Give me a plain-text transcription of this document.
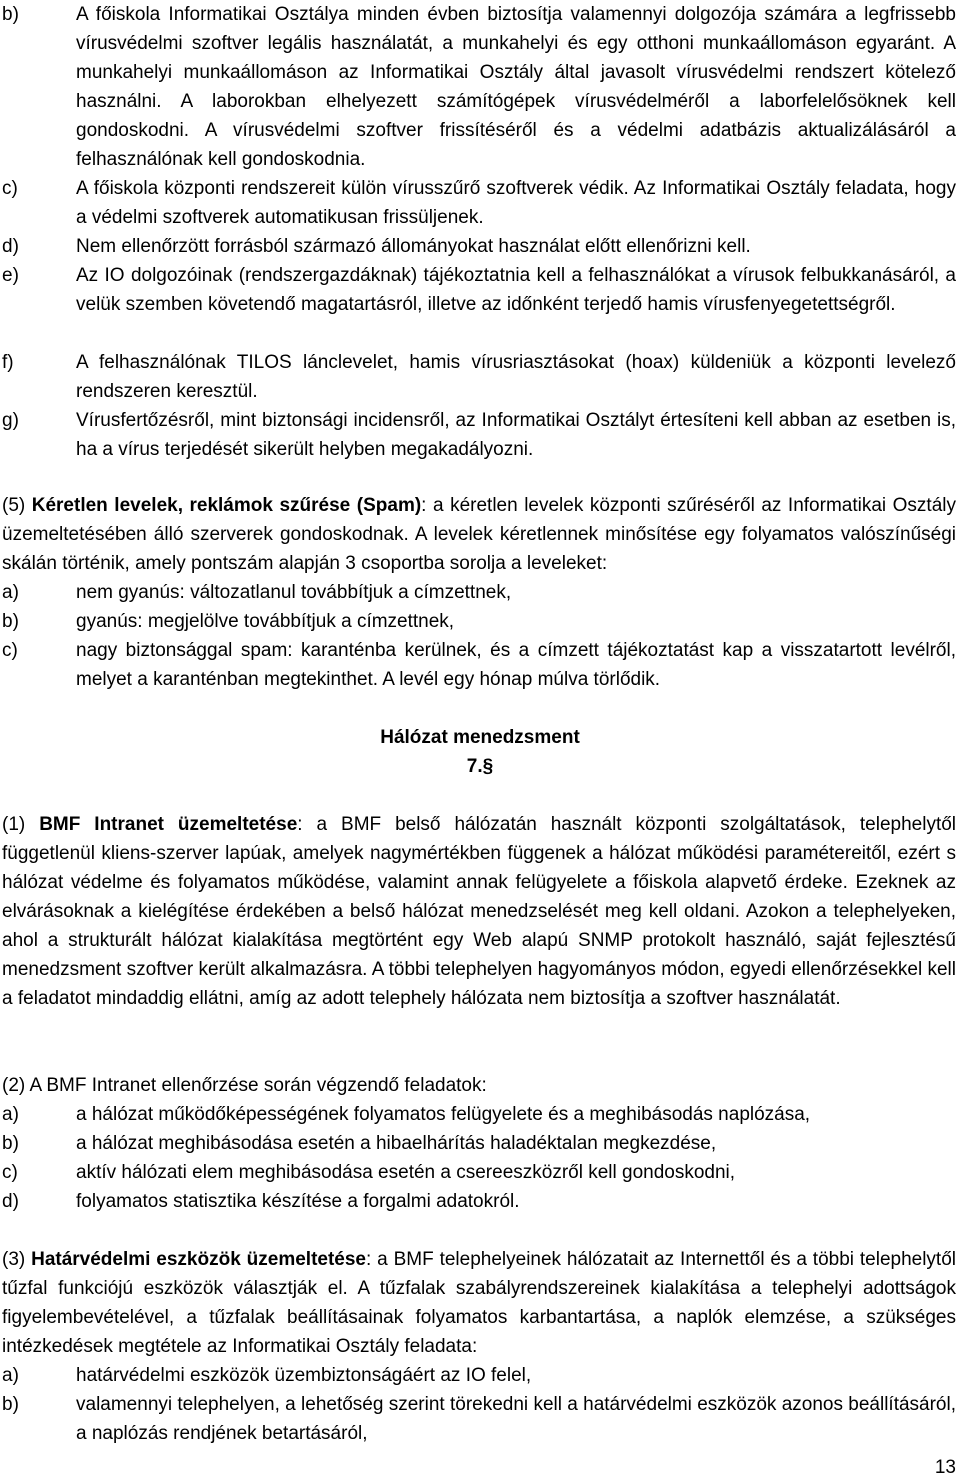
b)	A főiskola Informatikai Osztálya minden évben biztosítja valamennyi dolgozója számára a legfrissebb vírusvédelmi szoftver legális használatát, a munkahelyi és egy otthoni munkaállomáson egyaránt. A munkahelyi munkaállomáson az Informatikai Osztály által javasolt vírusvédelmi rendszert kötelező használni. A laborokban elhelyezett számítógépek vírusvédelméről a laborfelelősöknek kell gondoskodni. A vírusvédelmi szoftver frissítéséről és a védelmi adatbázis aktualizálásáról a felhasználónak kell gondoskodnia.
c)	A főiskola központi rendszereit külön vírusszűrő szoftverek védik. Az Informatikai Osztály feladata, hogy a védelmi szoftverek automatikusan frissüljenek.
d)	Nem ellenőrzött forrásból származó állományokat használat előtt ellenőrizni kell.
e)	Az IO dolgozóinak (rendszergazdáknak) tájékoztatnia kell a felhasználókat a vírusok felbukkanásáról, a velük szemben követendő magatartásról, illetve az időnként terjedő hamis vírusfenyegetettségről.
f)	A felhasználónak TILOS lánclevelet, hamis vírusriasztásokat (hoax) küldeniük a központi levelező rendszeren keresztül.
g)	Vírusfertőzésről, mint biztonsági incidensről, az Informatikai Osztályt értesíteni kell abban az esetben is, ha a vírus terjedését sikerült helyben megakadályozni.
(5) Kéretlen levelek, reklámok szűrése (Spam): a kéretlen levelek központi szűréséről az Informatikai Osztály üzemeltetésében álló szerverek gondoskodnak. A levelek kéretlennek minősítése egy folyamatos valószínűségi skálán történik, amely pontszám alapján 3 csoportba sorolja a leveleket:
a)	nem gyanús: változatlanul továbbítjuk a címzettnek,
b)	gyanús: megjelölve továbbítjuk a címzettnek,
c)	nagy biztonsággal spam: karanténba kerülnek, és a címzett tájékoztatást kap a visszatartott levélről, melyet a karanténban megtekinthet. A levél egy hónap múlva törlődik.
Hálózat menedzsment
7.§
(1) BMF Intranet üzemeltetése: a BMF belső hálózatán használt központi szolgáltatások, telephelytől függetlenül kliens-szerver lapúak, amelyek nagymértékben függenek a hálózat működési paramétereitől, ezért s hálózat védelme és folyamatos működése, valamint annak felügyelete a főiskola alapvető érdeke. Ezeknek az elvárásoknak a kielégítése érdekében a belső hálózat menedzselését meg kell oldani. Azokon a telephelyeken, ahol a strukturált hálózat kialakítása megtörtént egy Web alapú SNMP protokolt használó, saját fejlesztésű menedzsment szoftver került alkalmazásra. A többi telephelyen hagyományos módon, egyedi ellenőrzésekkel kell a feladatot mindaddig ellátni, amíg az adott telephely hálózata nem biztosítja a szoftver használatát.
(2) A BMF Intranet ellenőrzése során végzendő feladatok:
a)	a hálózat működőképességének folyamatos felügyelete és a meghibásodás naplózása,
b)	a hálózat meghibásodása esetén a hibaelhárítás haladéktalan megkezdése,
c)	aktív hálózati elem meghibásodása esetén a csereeszközről kell gondoskodni,
d)	folyamatos statisztika készítése a forgalmi adatokról.
(3) Határvédelmi eszközök üzemeltetése: a BMF telephelyeinek hálózatait az Internettől és a többi telephelytől tűzfal funkciójú eszközök választják el. A tűzfalak szabályrendszereinek kialakítása a telephelyi adottságok figyelembevételével, a tűzfalak beállításainak folyamatos karbantartása, a naplók elemzése, a szükséges intézkedések megtétele az Informatikai Osztály feladata:
a)	határvédelmi eszközök üzembiztonságáért az IO felel,
b)	valamennyi telephelyen, a lehetőség szerint törekedni kell a határvédelmi eszközök azonos beállításáról, a naplózás rendjének betartásáról,
13
